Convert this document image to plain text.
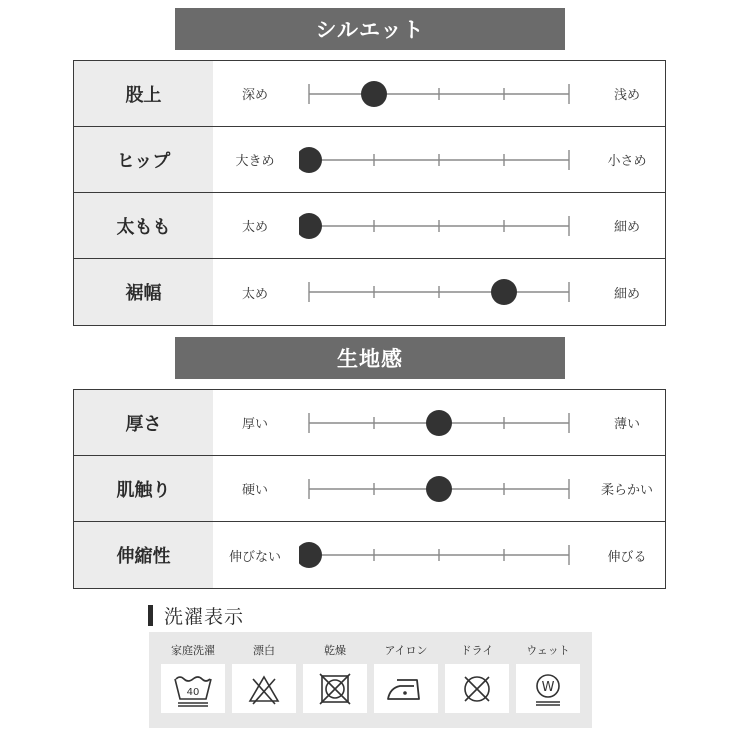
シルエット
股上	深め	浅め
ヒップ	大きめ	小さめ
太もも	太め	細め
裾幅	太め	細め
生地感
厚さ	厚い	薄い
肌触り	硬い	柔らかい
伸縮性	伸びない	伸びる
洗濯表示
家庭洗濯
40
漂白	乾燥	アイロン	ドライ	ウェット
W
